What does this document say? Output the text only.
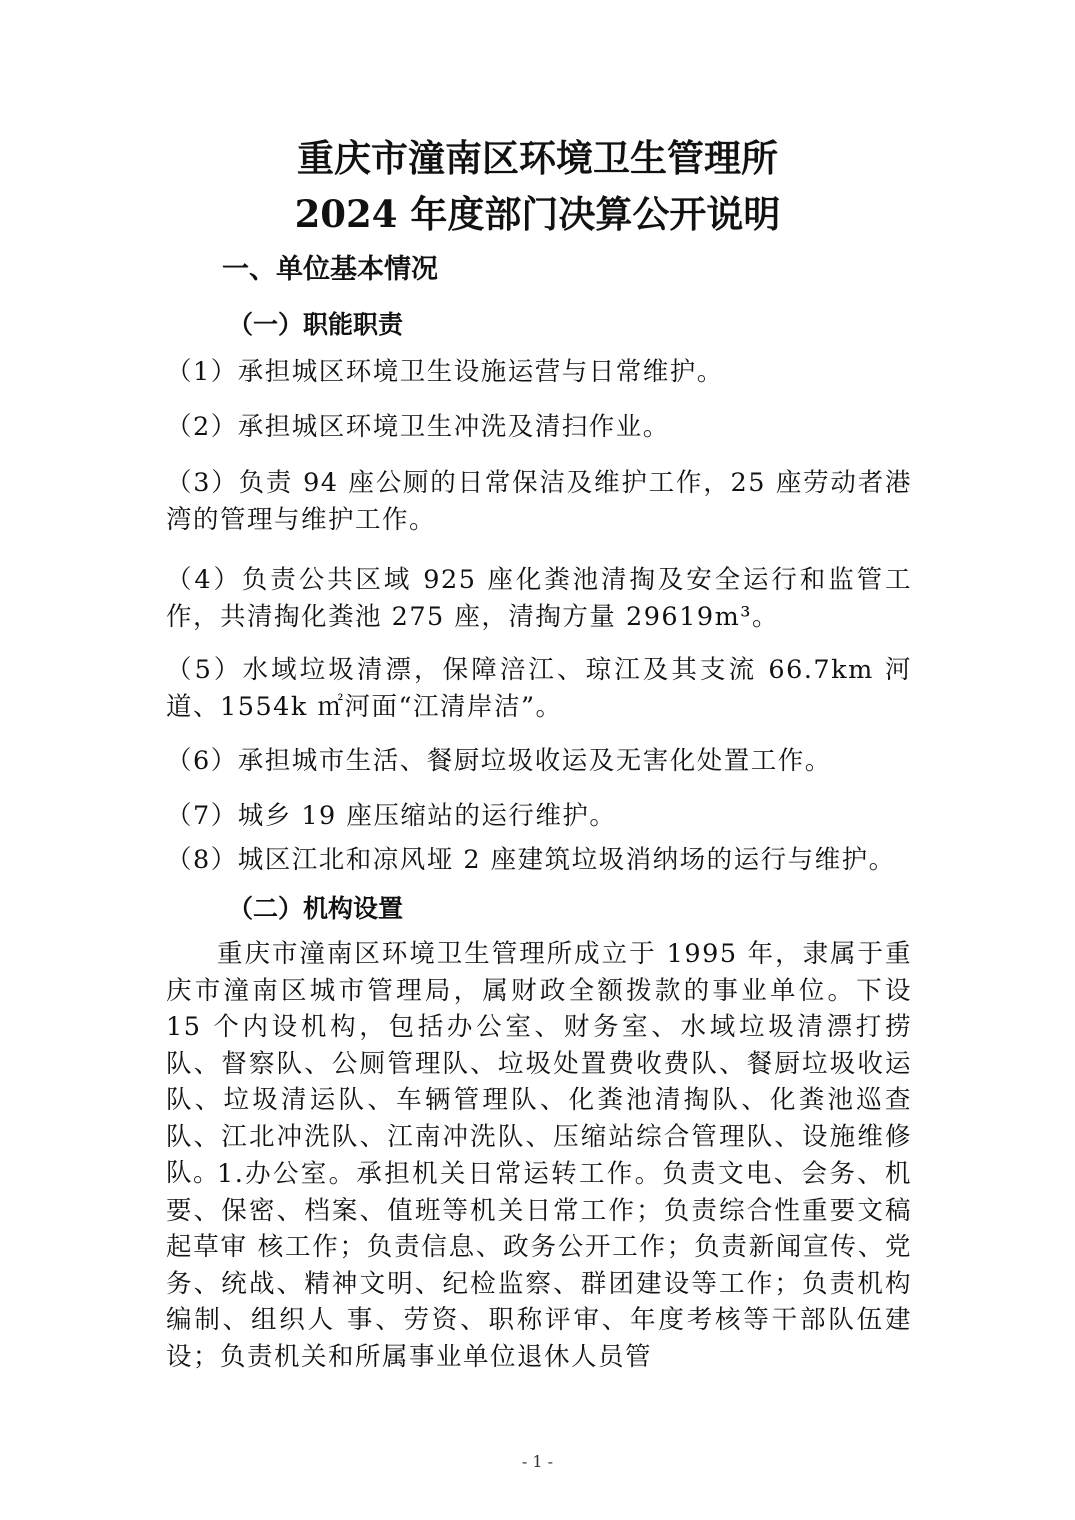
重庆市潼南区环境卫生管理所
2024 年度部门决算公开说明
一、单位基本情况
（一）职能职责

（1）承担城区环境卫生设施运营与日常维护。

（2）承担城区环境卫生冲洗及清扫作业。

（3）负责 94 座公厕的日常保洁及维护工作，25 座劳动者港湾的管理与维护工作。

（4）负责公共区域 925 座化粪池清掏及安全运行和监管工作，共清掏化粪池 275 座，清掏方量 29619m³。

（5）水域垃圾清漂，保障涪江、琼江及其支流 66.7km 河道、1554k ㎡河面“江清岸洁”。

（6）承担城市生活、餐厨垃圾收运及无害化处置工作。

（7）城乡 19 座压缩站的运行维护。

（8）城区江北和凉风垭 2 座建筑垃圾消纳场的运行与维护。

（二）机构设置

重庆市潼南区环境卫生管理所成立于 1995 年，隶属于重庆市潼南区城市管理局，属财政全额拨款的事业单位。下设 15 个内设机构，包括办公室、财务室、水域垃圾清漂打捞队、督察队、公厕管理队、垃圾处置费收费队、餐厨垃圾收运队、垃圾清运队、车辆管理队、化粪池清掏队、化粪池巡查队、江北冲洗队、江南冲洗队、压缩站综合管理队、设施维修队。

1.办公室。承担机关日常运转工作。负责文电、会务、机要、保密、档案、值班等机关日常工作；负责综合性重要文稿起草审 核工作；负责信息、政务公开工作；负责新闻宣传、党务、统战、精神文明、纪检监察、群团建设等工作；负责机构编制、组织人 事、劳资、职称评审、年度考核等干部队伍建设；负责机关和所属事业单位退休人员管

- 1 -
